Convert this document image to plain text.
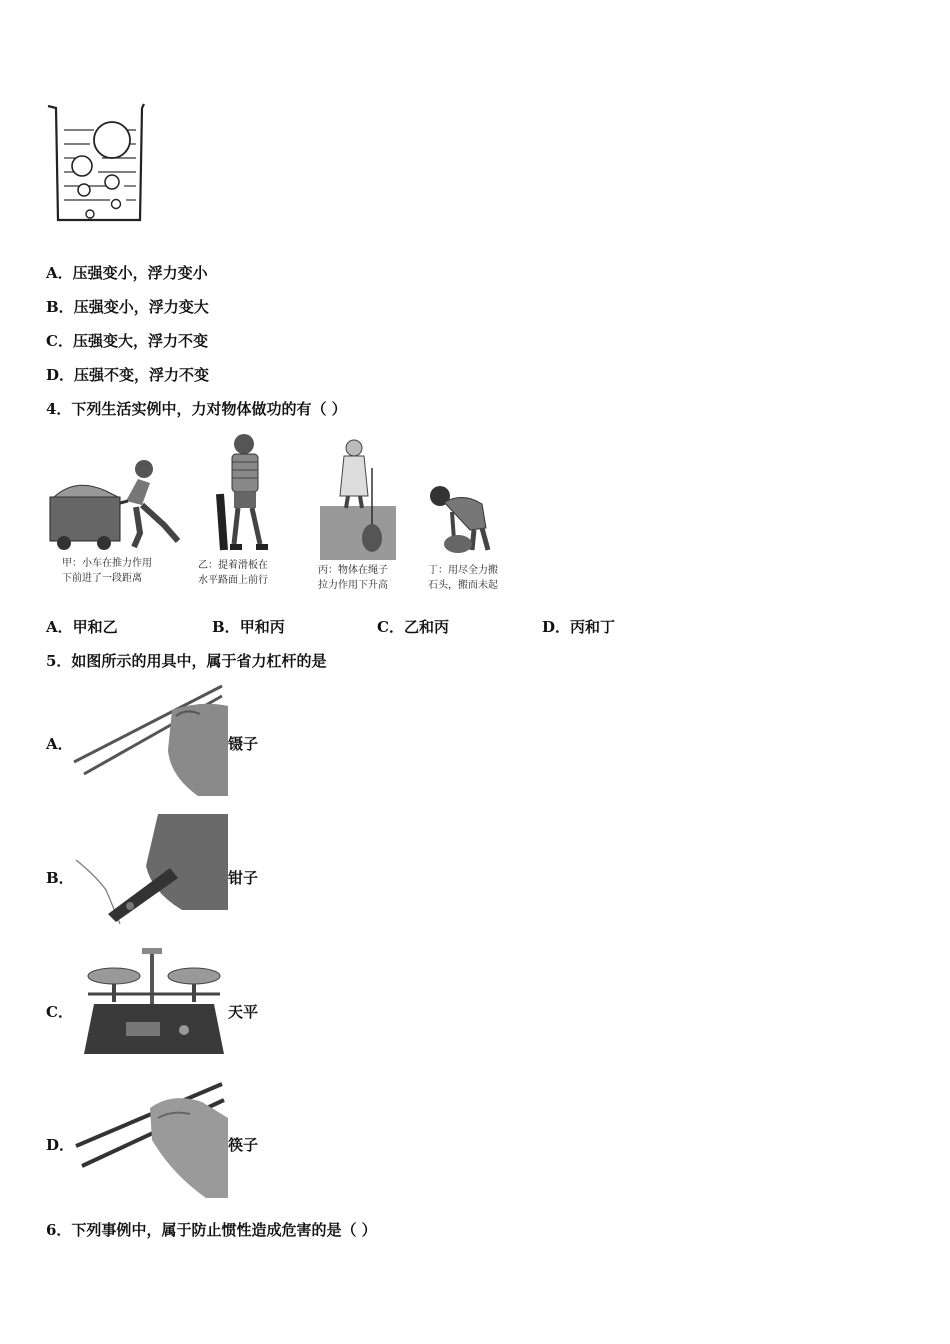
A．压强变小，浮力变小
B．压强变小，浮力变大
C．压强变大，浮力不变
D．压强不变，浮力不变
4．下列生活实例中，力对物体做功的有（ ）
甲：小车在推力作用
下前进了一段距离
乙：提着滑板在
水平路面上前行
丙：物体在绳子
拉力作用下升高
丁：用尽全力搬
石头，搬而未起
A．甲和乙	B．甲和丙	C．乙和丙	D．丙和丁
5．如图所示的用具中，属于省力杠杆的是
A．	镊子
B．	钳子
C．	天平
D．	筷子
6．下列事例中，属于防止惯性造成危害的是（ ）
